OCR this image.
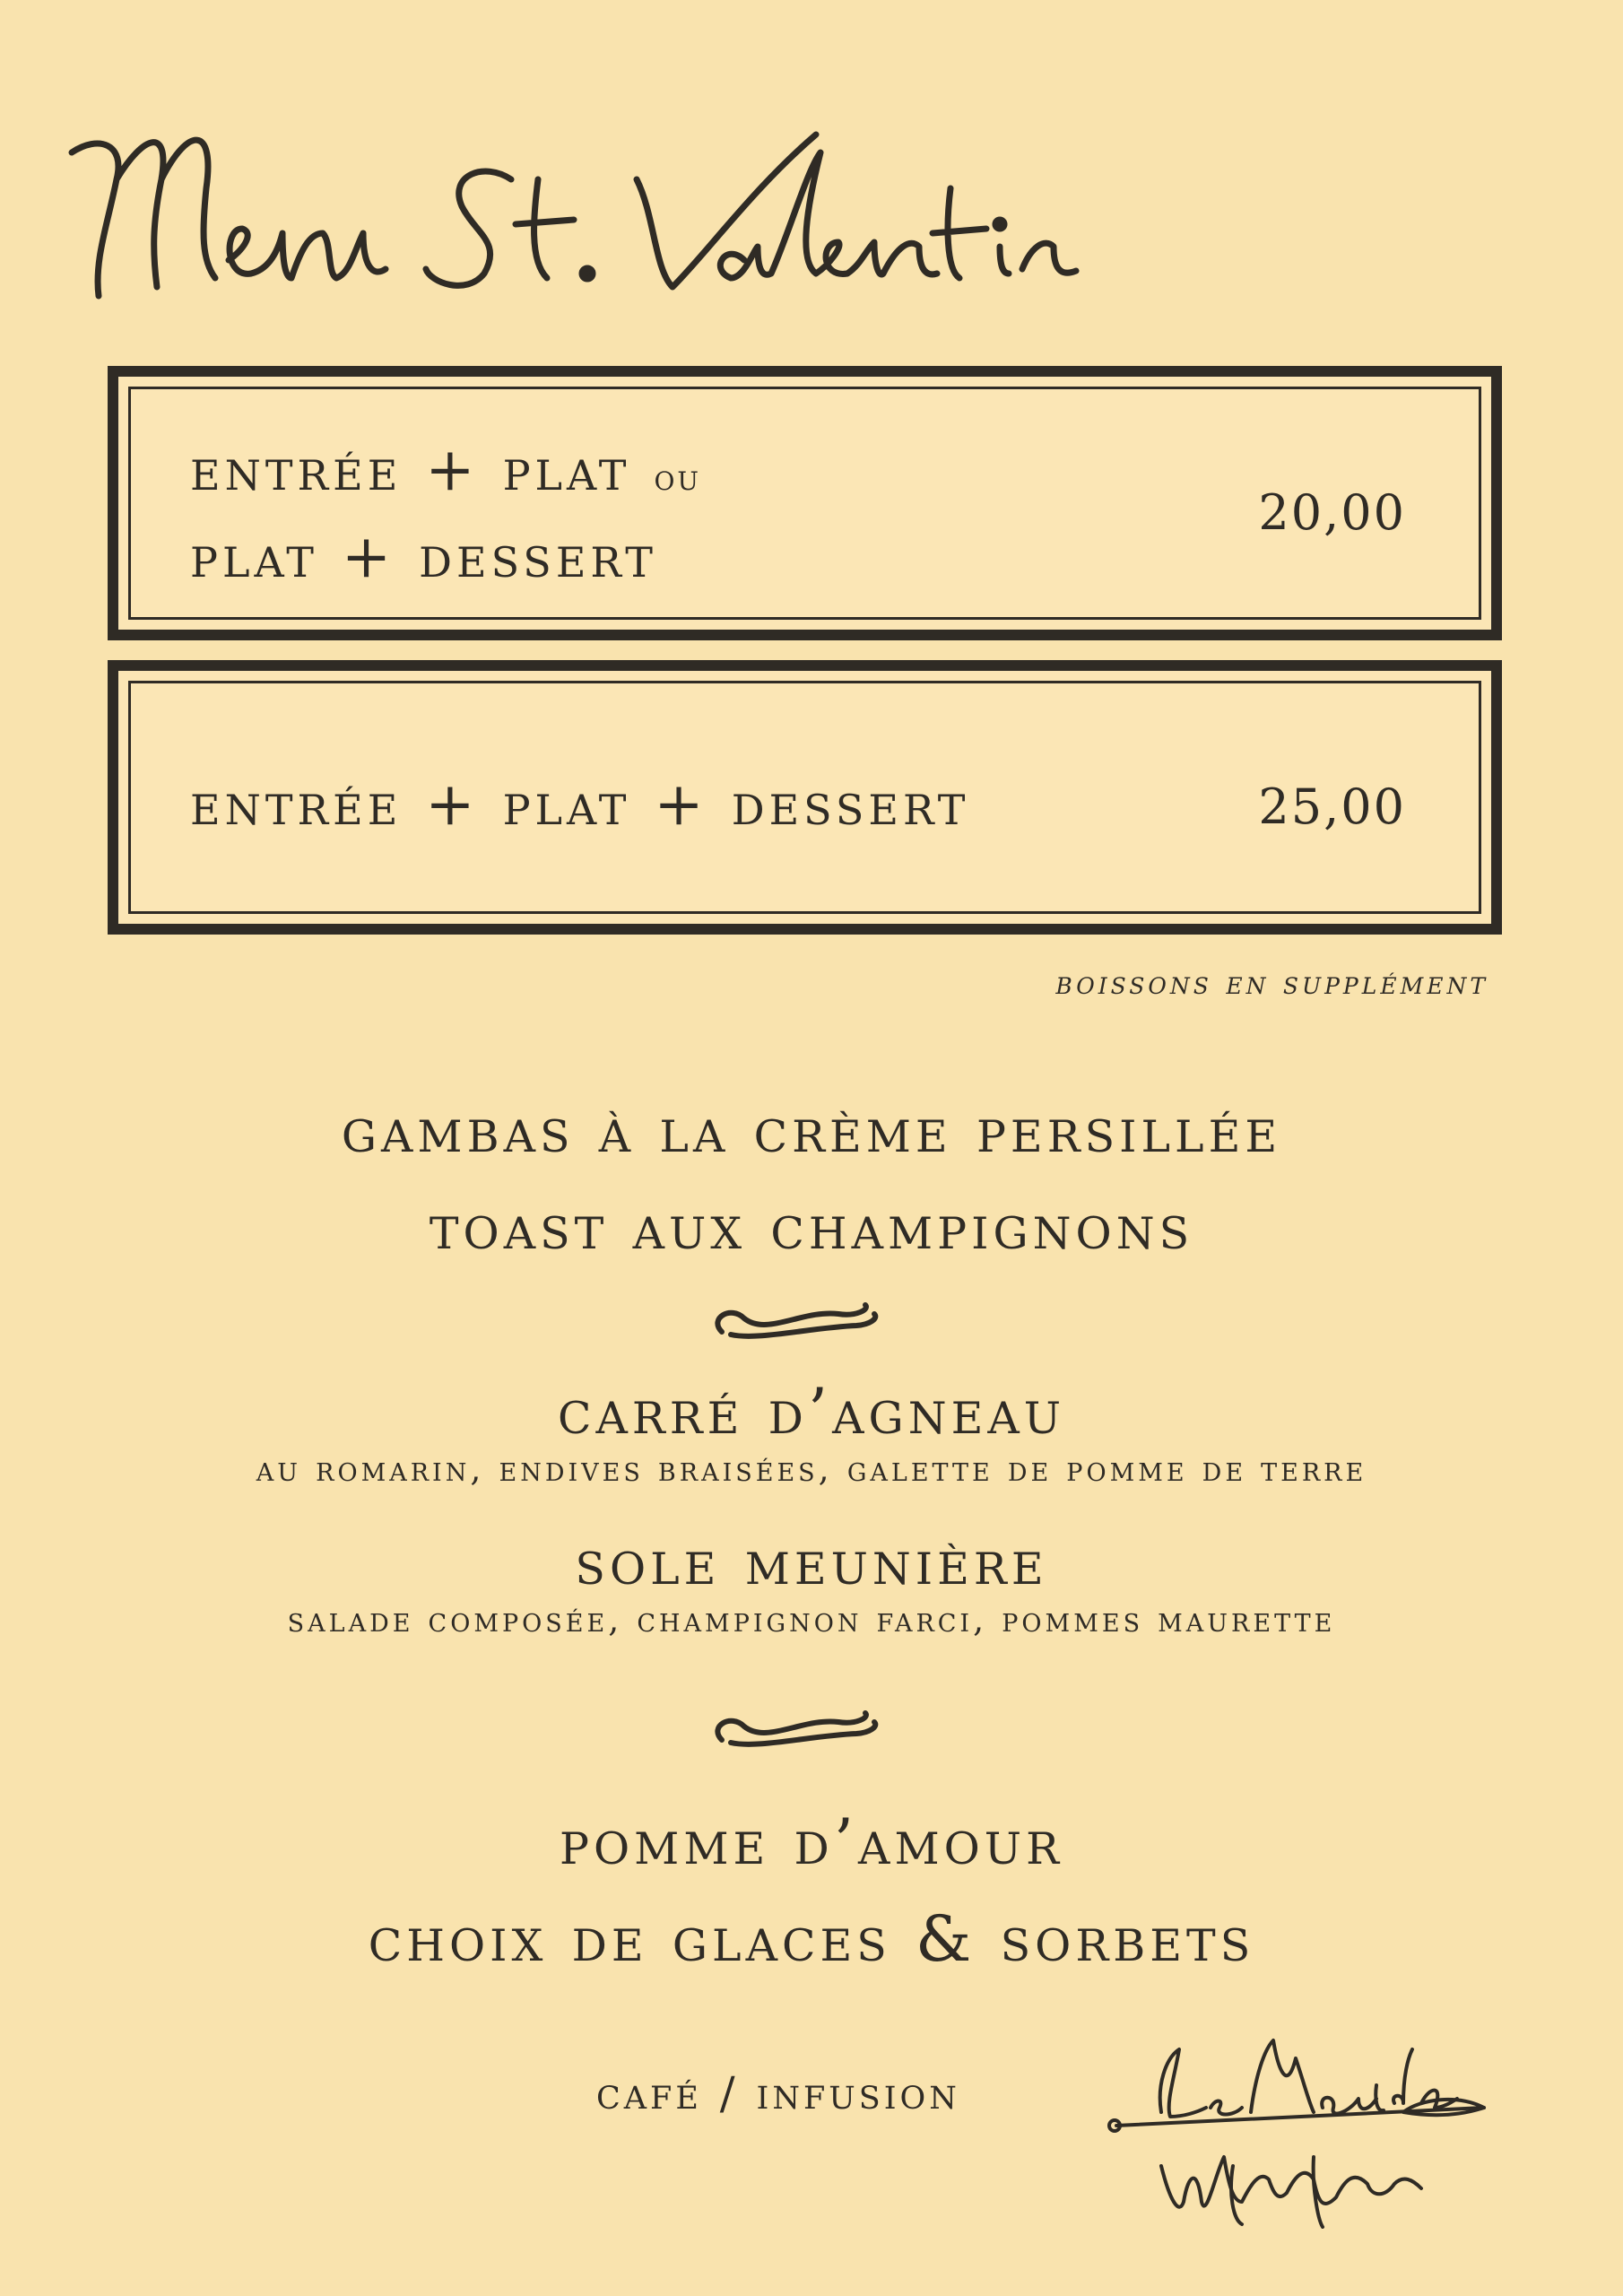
entrée + plat ou
plat + dessert
20,00
entrée + plat + dessert	25,00
boissons en supplément
gambas à la crème persillée
toast aux champignons
carré d’agneau
au romarin, endives braisées, galette de pomme de terre
sole meunière
salade composée, champignon farci, pommes maurette
pomme d’amour
choix de glaces & sorbets
café / infusion
